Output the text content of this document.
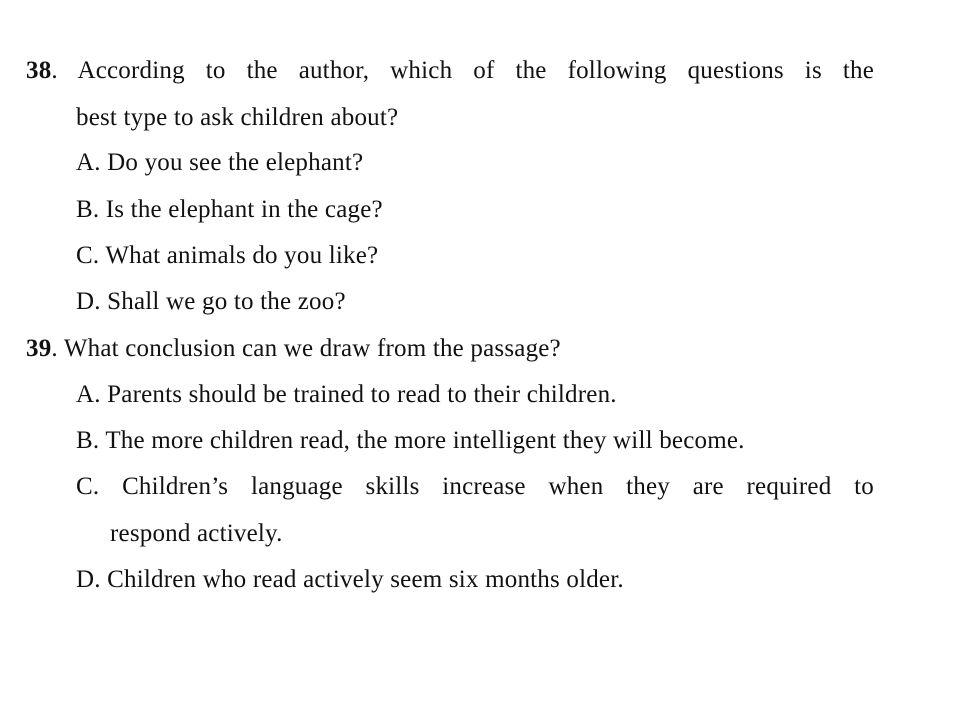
38. According to the author, which of the following questions is the
best type to ask children about?
A. Do you see the elephant?
B. Is the elephant in the cage?
C. What animals do you like?
D. Shall we go to the zoo?
39. What conclusion can we draw from the passage?
A. Parents should be trained to read to their children.
B. The more children read, the more intelligent they will become.
C. Children’s language skills increase when they are required to
respond actively.
D. Children who read actively seem six months older.
